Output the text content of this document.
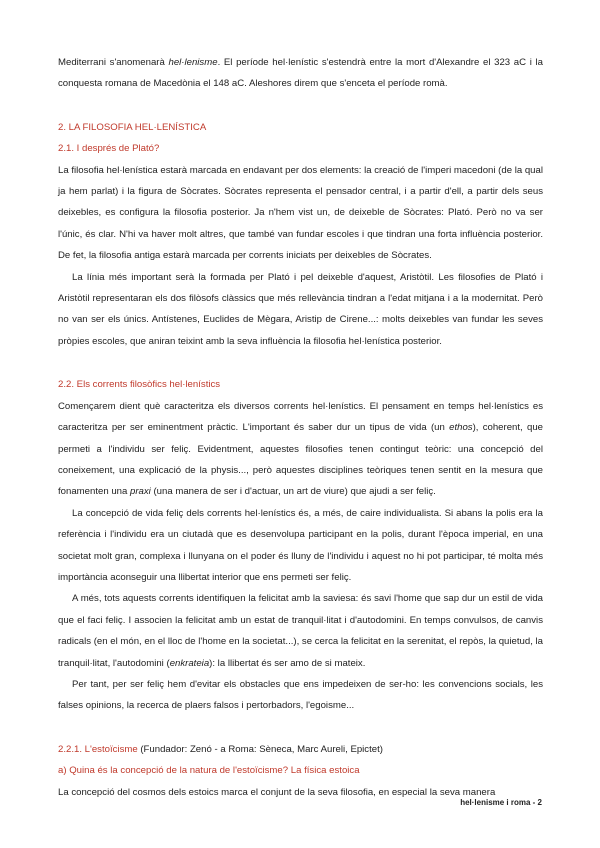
Mediterrani s'anomenarà hel·lenisme. El període hel·lenístic s'estendrà entre la mort d'Alexandre el 323 aC i la conquesta romana de Macedònia el 148 aC. Aleshores direm que s'enceta el període romà.

2. LA FILOSOFIA HEL·LENÍSTICA

2.1. I després de Plató?

La filosofia hel·lenística estarà marcada en endavant per dos elements: la creació de l'imperi macedoni (de la qual ja hem parlat) i la figura de Sòcrates. Sòcrates representa el pensador central, i a partir d'ell, a partir dels seus deixebles, es configura la filosofia posterior. Ja n'hem vist un, de deixeble de Sòcrates: Plató. Però no va ser l'únic, és clar. N'hi va haver molt altres, que també van fundar escoles i que tindran una forta influència posterior. De fet, la filosofia antiga estarà marcada per corrents iniciats per deixebles de Sòcrates.

La línia més important serà la formada per Plató i pel deixeble d'aquest, Aristòtil. Les filosofies de Plató i Aristòtil representaran els dos filòsofs clàssics que més rellevància tindran a l'edat mitjana i a la modernitat. Però no van ser els únics. Antístenes, Euclides de Mègara, Aristip de Cirene...: molts deixebles van fundar les seves pròpies escoles, que aniran teixint amb la seva influència la filosofia hel·lenística posterior.

2.2. Els corrents filosòfics hel·lenístics

Començarem dient què caracteritza els diversos corrents hel·lenístics. El pensament en temps hel·lenístics es caracteritza per ser eminentment pràctic. L'important és saber dur un tipus de vida (un ethos), coherent, que permeti a l'individu ser feliç. Evidentment, aquestes filosofies tenen contingut teòric: una concepció del coneixement, una explicació de la physis..., però aquestes disciplines teòriques tenen sentit en la mesura que fonamenten una praxi (una manera de ser i d'actuar, un art de viure) que ajudi a ser feliç.

La concepció de vida feliç dels corrents hel·lenístics és, a més, de caire individualista. Si abans la polis era la referència i l'individu era un ciutadà que es desenvolupa participant en la polis, durant l'època imperial, en una societat molt gran, complexa i llunyana on el poder és lluny de l'individu i aquest no hi pot participar, té molta més importància aconseguir una llibertat interior que ens permeti ser feliç.

A més, tots aquests corrents identifiquen la felicitat amb la saviesa: és savi l'home que sap dur un estil de vida que el faci feliç. I associen la felicitat amb un estat de tranquil·litat i d'autodomini. En temps convulsos, de canvis radicals (en el món, en el lloc de l'home en la societat...), se cerca la felicitat en la serenitat, el repòs, la quietud, la tranquil·litat, l'autodomini (enkrateia): la llibertat és ser amo de si mateix.

Per tant, per ser feliç hem d'evitar els obstacles que ens impedeixen de ser-ho: les convencions socials, les falses opinions, la recerca de plaers falsos i pertorbadors, l'egoisme...

2.2.1. L'estoïcisme (Fundador: Zenó - a Roma: Sèneca, Marc Aureli, Epictet)

a) Quina és la concepció de la natura de l'estoïcisme? La física estoica

La concepció del cosmos dels estoics marca el conjunt de la seva filosofia, en especial la seva manera

hel·lenisme i roma - 2
